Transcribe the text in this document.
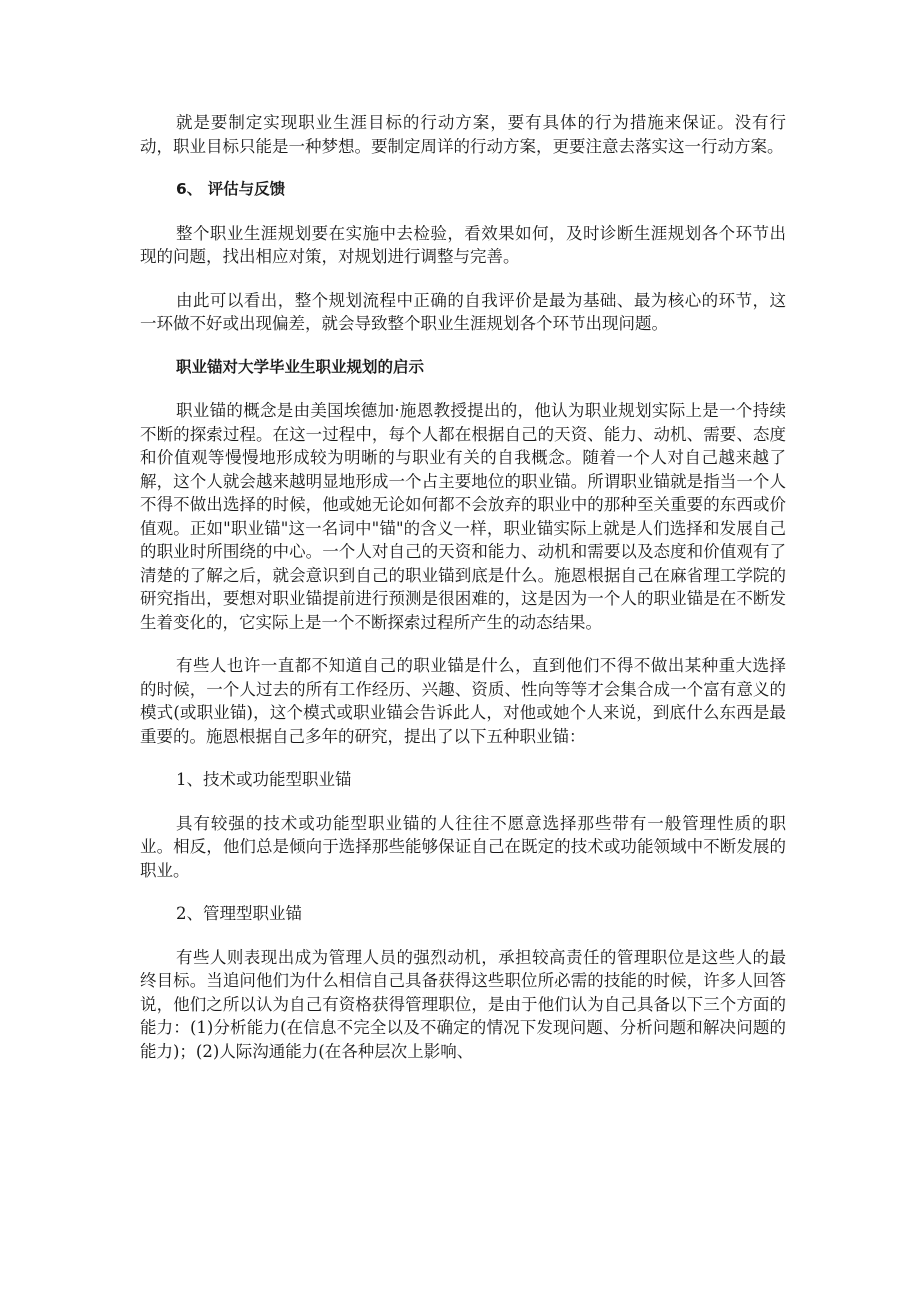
就是要制定实现职业生涯目标的行动方案，要有具体的行为措施来保证。没有行动，职业目标只能是一种梦想。要制定周详的行动方案，更要注意去落实这一行动方案。

6、 评估与反馈

整个职业生涯规划要在实施中去检验，看效果如何，及时诊断生涯规划各个环节出现的问题，找出相应对策，对规划进行调整与完善。

由此可以看出，整个规划流程中正确的自我评价是最为基础、最为核心的环节，这一环做不好或出现偏差，就会导致整个职业生涯规划各个环节出现问题。

职业锚对大学毕业生职业规划的启示

职业锚的概念是由美国埃德加·施恩教授提出的，他认为职业规划实际上是一个持续不断的探索过程。在这一过程中，每个人都在根据自己的天资、能力、动机、需要、态度和价值观等慢慢地形成较为明晰的与职业有关的自我概念。随着一个人对自己越来越了解，这个人就会越来越明显地形成一个占主要地位的职业锚。所谓职业锚就是指当一个人不得不做出选择的时候，他或她无论如何都不会放弃的职业中的那种至关重要的东西或价值观。正如"职业锚"这一名词中"锚"的含义一样，职业锚实际上就是人们选择和发展自己的职业时所围绕的中心。一个人对自己的天资和能力、动机和需要以及态度和价值观有了清楚的了解之后，就会意识到自己的职业锚到底是什么。施恩根据自己在麻省理工学院的研究指出，要想对职业锚提前进行预测是很困难的，这是因为一个人的职业锚是在不断发生着变化的，它实际上是一个不断探索过程所产生的动态结果。

有些人也许一直都不知道自己的职业锚是什么，直到他们不得不做出某种重大选择的时候，一个人过去的所有工作经历、兴趣、资质、性向等等才会集合成一个富有意义的模式(或职业锚)，这个模式或职业锚会告诉此人，对他或她个人来说，到底什么东西是最重要的。施恩根据自己多年的研究，提出了以下五种职业锚：

1、技术或功能型职业锚

具有较强的技术或功能型职业锚的人往往不愿意选择那些带有一般管理性质的职业。相反，他们总是倾向于选择那些能够保证自己在既定的技术或功能领域中不断发展的职业。

2、管理型职业锚

有些人则表现出成为管理人员的强烈动机，承担较高责任的管理职位是这些人的最终目标。当追问他们为什么相信自己具备获得这些职位所必需的技能的时候，许多人回答说，他们之所以认为自己有资格获得管理职位，是由于他们认为自己具备以下三个方面的能力：(1)分析能力(在信息不完全以及不确定的情况下发现问题、分析问题和解决问题的能力)；(2)人际沟通能力(在各种层次上影响、
